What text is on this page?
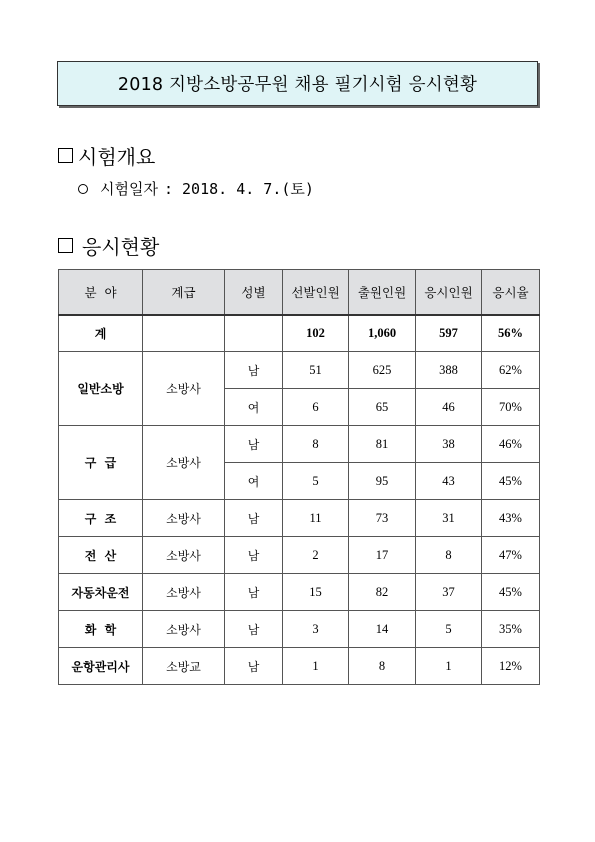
2018 지방소방공무원 채용 필기시험 응시현황
시험개요
시험일자 : 2018. 4. 7.(토)
응시현황
분  야	계급	성별	선발인원	출원인원	응시인원	응시율
계			102	1,060	597	56%
일반소방	소방사	남	51	625	388	62%
		여	6	65	46	70%
구  급	소방사	남	8	81	38	46%
		여	5	95	43	45%
구  조	소방사	남	11	73	31	43%
전  산	소방사	남	2	17	8	47%
자동차운전	소방사	남	15	82	37	45%
화  학	소방사	남	3	14	5	35%
운항관리사	소방교	남	1	8	1	12%
